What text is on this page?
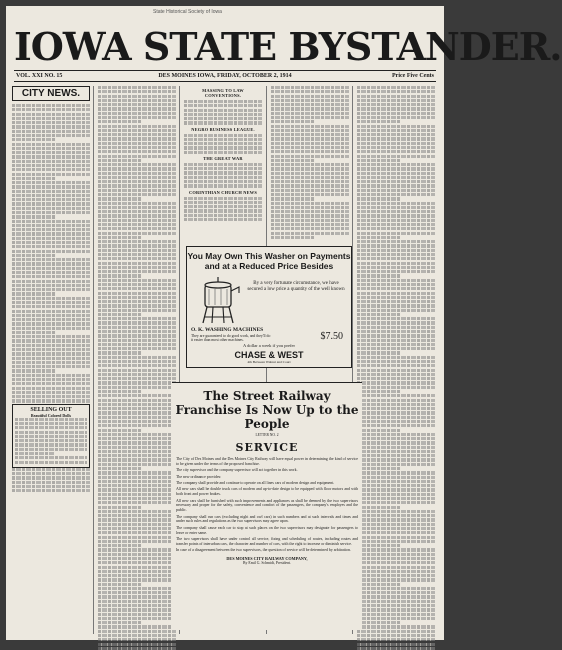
State Historical Society of Iowa
IOWA STATE BYSTANDER.
VOL. XXI NO. 15	DES MOINES IOWA, FRIDAY, OCTOBER 2, 1914	Price Five Cents
CITY NEWS.
SELLING OUT
Beautiful Colored Dolls
MASSING TO LAW CONVENTIONS.
NEGRO BUSINESS LEAGUE.
THE GREAT WAR
CORINTHIAN CHURCH NEWS
You May Own This Washer on Payments and at a Reduced Price Besides
By a very fortunate circumstance, we have secured a low price a quantity of the well known
O. K. WASHING MACHINES
They are guaranteed to do good work, and they'll do it easier than most other machines.	$7.50
A dollar a week if you prefer
CHASE & WEST
4th Between Walnut and Court
The Street Railway Franchise Is Now Up to the People
LETTER NO. 2
SERVICE

The City of Des Moines and the Des Moines City Railway will have equal power in determining the kind of service to be given under the terms of the proposed franchise.

The city supervisor and the company supervisor will act together in this work.

The new ordinance provides:

The company shall provide and continue to operate on all lines cars of modern design and equipment.

All new cars shall be double truck cars of modern and up-to-date design to be equipped with floor motors and with both front and power brakes.

All new cars shall be furnished with such improvements and appliances as shall be deemed by the two supervisors necessary and proper for the safety, convenience and comfort of the passengers, the company's employes and the public.

The company shall run cars (excluding night and owl cars) in such numbers and at such intervals and times and under such rules and regulations as the two supervisors may agree upon.

The company shall cause each car to stop at such places on the two supervisors may designate for passengers to leave or enter same.

The two supervisors shall have under control all service, fixing and scheduling of routes, including routes and transfer points of interurban cars, the character and number of cars, with the right to increase or diminish service.

In case of a disagreement between the two supervisors, the question of service will be determined by arbitration.

DES MOINES CITY RAILWAY COMPANY,
By Emil G. Schmidt, President.
